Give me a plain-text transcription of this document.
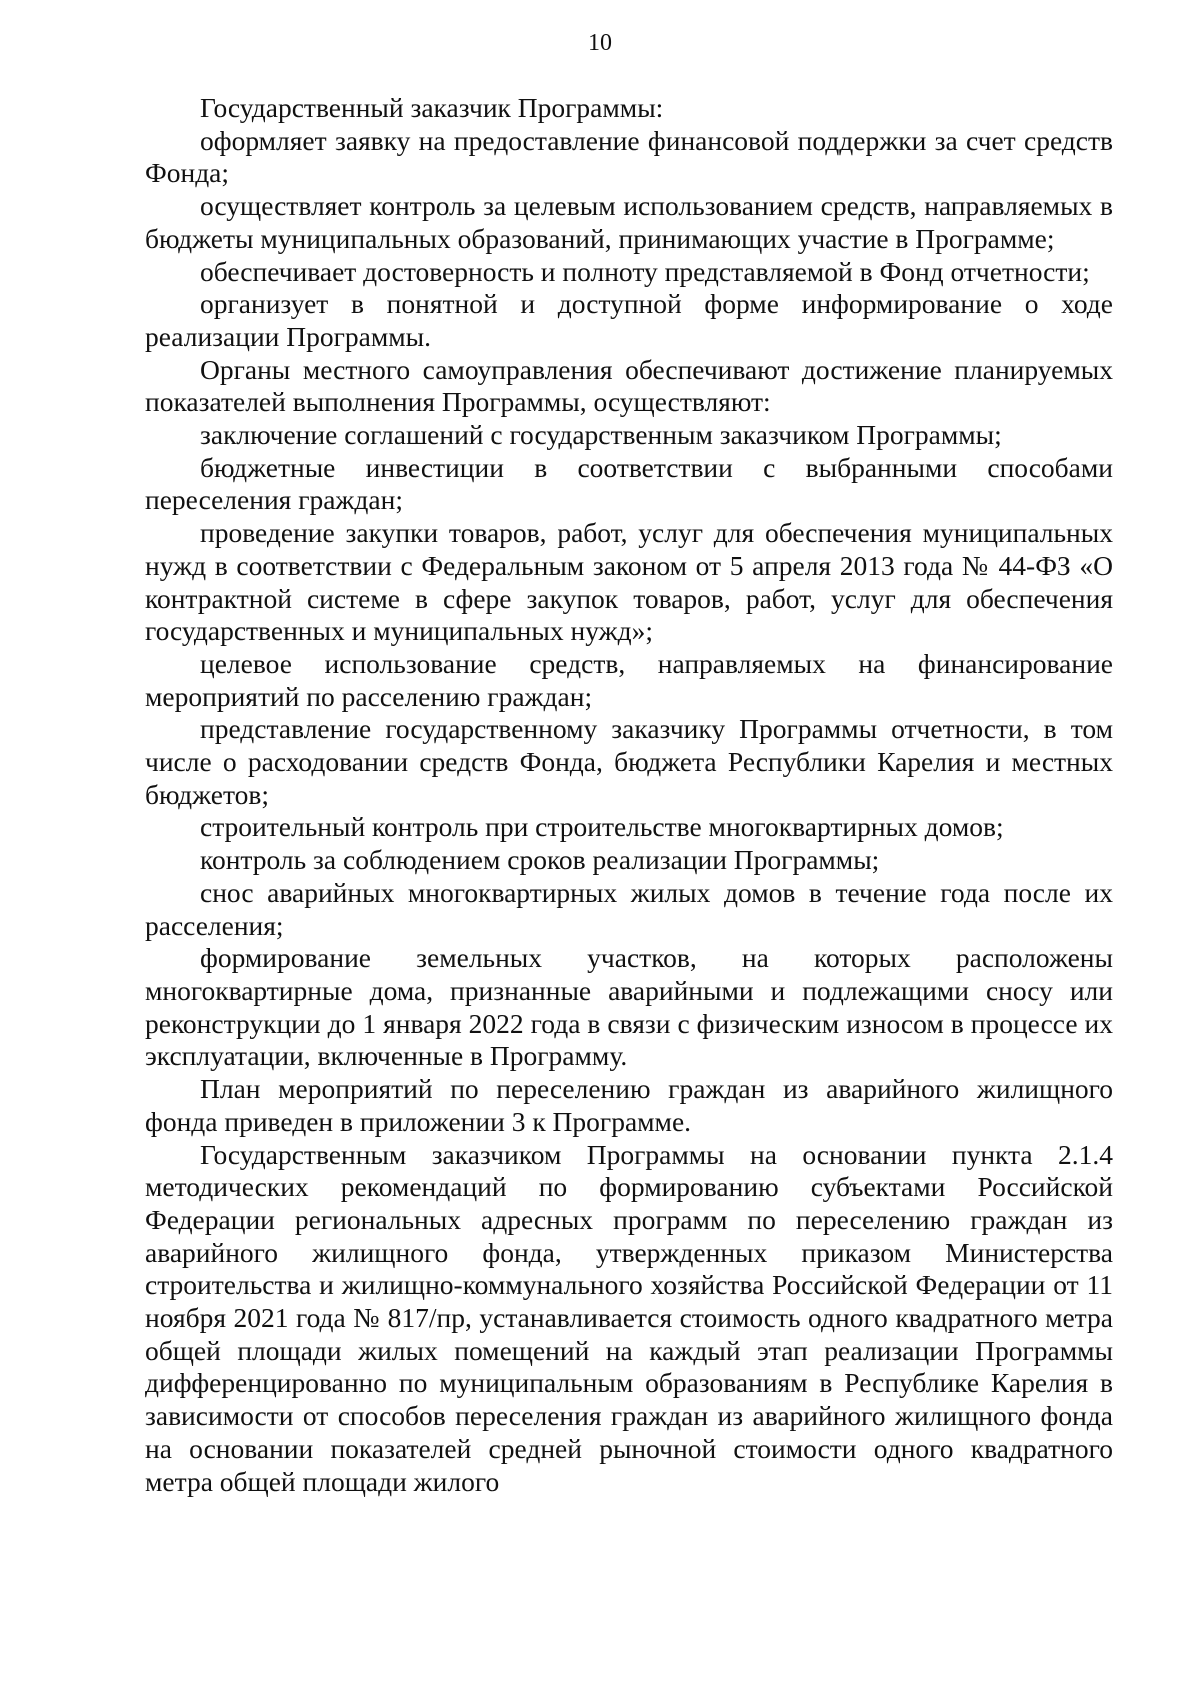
10

Государственный заказчик Программы:

оформляет заявку на предоставление финансовой поддержки за счет средств Фонда;

осуществляет контроль за целевым использованием средств, направляемых в бюджеты муниципальных образований, принимающих участие в Программе;

обеспечивает достоверность и полноту представляемой в Фонд отчетности;

организует в понятной и доступной форме информирование о ходе реализации Программы.

Органы местного самоуправления обеспечивают достижение планируемых показателей выполнения Программы, осуществляют:

заключение соглашений с государственным заказчиком Программы;

бюджетные инвестиции в соответствии с выбранными способами переселения граждан;

проведение закупки товаров, работ, услуг для обеспечения муниципальных нужд в соответствии с Федеральным законом от 5 апреля 2013 года № 44-ФЗ «О контрактной системе в сфере закупок товаров, работ, услуг для обеспечения государственных и муниципальных нужд»;

целевое использование средств, направляемых на финансирование мероприятий по расселению граждан;

представление государственному заказчику Программы отчетности, в том числе о расходовании средств Фонда, бюджета Республики Карелия и местных бюджетов;

строительный контроль при строительстве многоквартирных домов;

контроль за соблюдением сроков реализации Программы;

снос аварийных многоквартирных жилых домов в течение года после их расселения;

формирование земельных участков, на которых расположены многоквартирные дома, признанные аварийными и подлежащими сносу или реконструкции до 1 января 2022 года в связи с физическим износом в процессе их эксплуатации, включенные в Программу.

План мероприятий по переселению граждан из аварийного жилищного фонда приведен в приложении 3 к Программе.

Государственным заказчиком Программы на основании пункта 2.1.4 методических рекомендаций по формированию субъектами Российской Федерации региональных адресных программ по переселению граждан из аварийного жилищного фонда, утвержденных приказом Министерства строительства и жилищно-коммунального хозяйства Российской Федерации от 11 ноября 2021 года № 817/пр, устанавливается стоимость одного квадратного метра общей площади жилых помещений на каждый этап реализации Программы дифференцированно по муниципальным образованиям в Республике Карелия в зависимости от способов переселения граждан из аварийного жилищного фонда на основании показателей средней рыночной стоимости одного квадратного метра общей площади жилого
